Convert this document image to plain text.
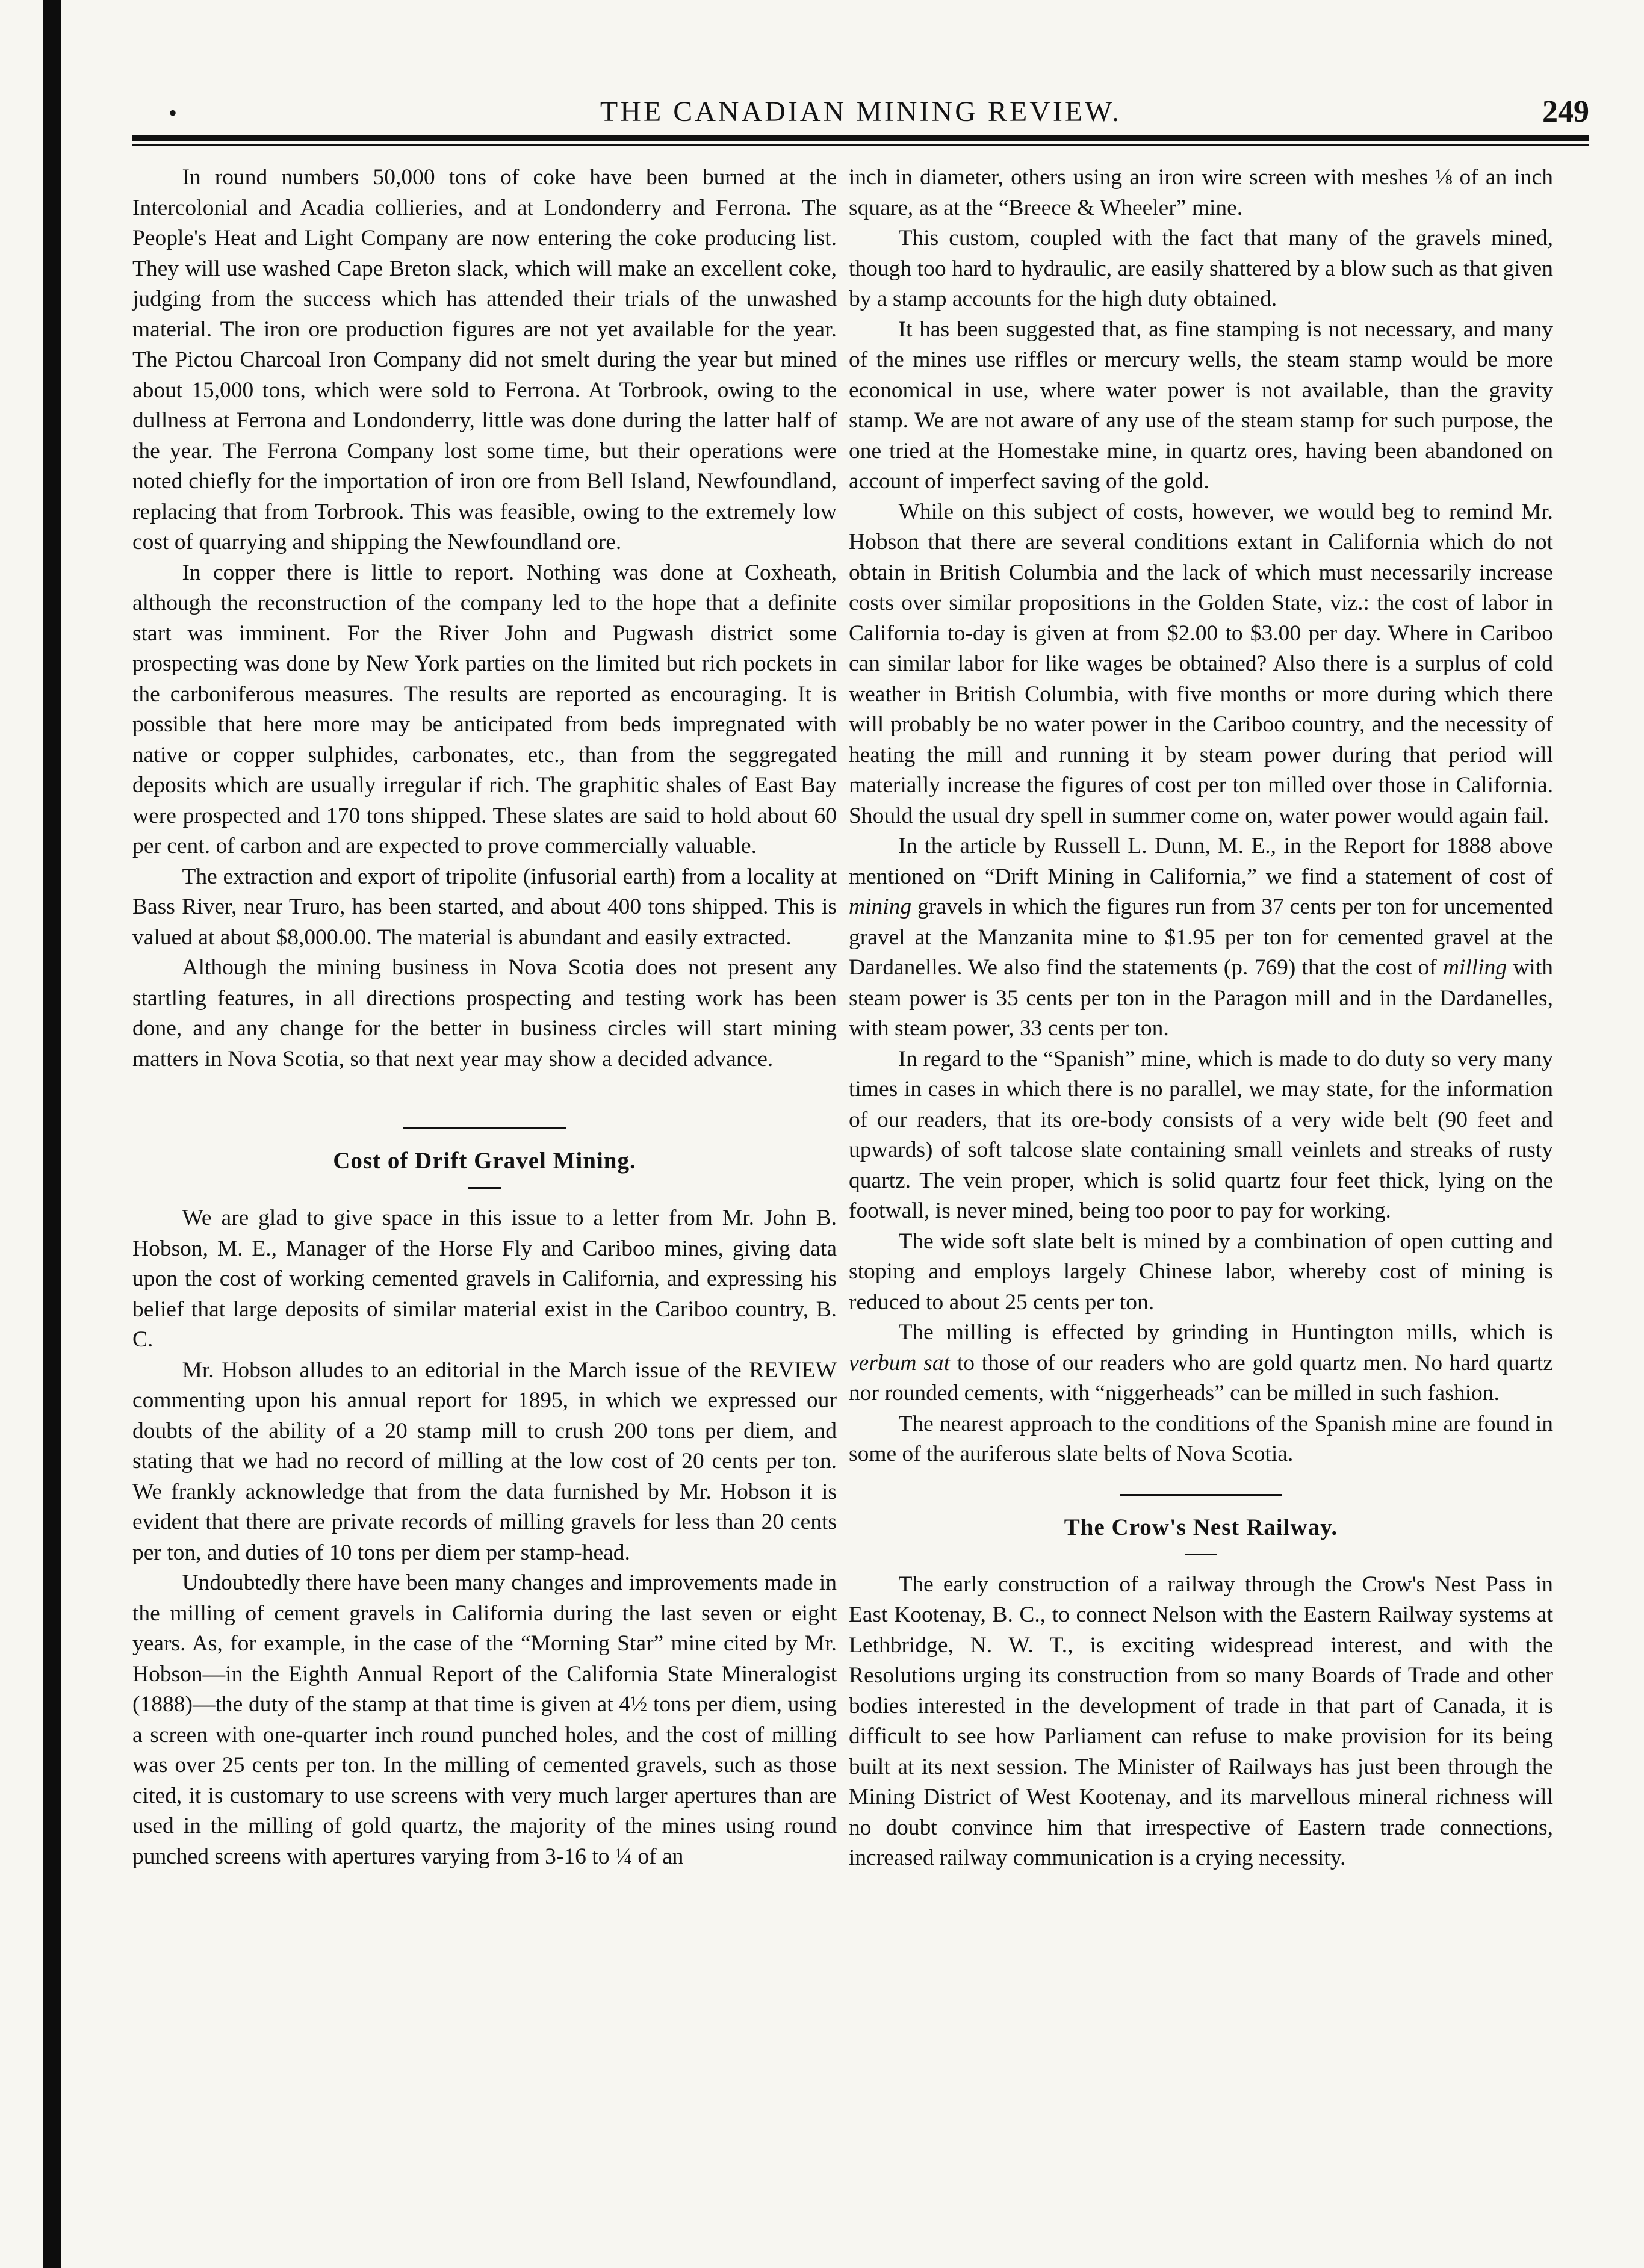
•	THE CANADIAN MINING REVIEW.	249

In round numbers 50,000 tons of coke have been burned at the Intercolonial and Acadia collieries, and at Londonderry and Ferrona. The People's Heat and Light Company are now entering the coke producing list. They will use washed Cape Breton slack, which will make an excellent coke, judging from the success which has attended their trials of the unwashed material. The iron ore production figures are not yet available for the year. The Pictou Charcoal Iron Company did not smelt during the year but mined about 15,000 tons, which were sold to Ferrona. At Torbrook, owing to the dullness at Ferrona and Londonderry, little was done during the latter half of the year. The Ferrona Company lost some time, but their operations were noted chiefly for the importation of iron ore from Bell Island, Newfoundland, replacing that from Torbrook. This was feasible, owing to the extremely low cost of quarrying and shipping the Newfoundland ore.

In copper there is little to report. Nothing was done at Coxheath, although the reconstruction of the company led to the hope that a definite start was imminent. For the River John and Pugwash district some prospecting was done by New York parties on the limited but rich pockets in the carboniferous measures. The results are reported as encouraging. It is possible that here more may be anticipated from beds impregnated with native or copper sulphides, carbonates, etc., than from the seggregated deposits which are usually irregular if rich. The graphitic shales of East Bay were prospected and 170 tons shipped. These slates are said to hold about 60 per cent. of carbon and are expected to prove commercially valuable.

The extraction and export of tripolite (infusorial earth) from a locality at Bass River, near Truro, has been started, and about 400 tons shipped. This is valued at about $8,000.00. The material is abundant and easily extracted.

Although the mining business in Nova Scotia does not present any startling features, in all directions prospecting and testing work has been done, and any change for the better in business circles will start mining matters in Nova Scotia, so that next year may show a decided advance.

Cost of Drift Gravel Mining.

We are glad to give space in this issue to a letter from Mr. John B. Hobson, M. E., Manager of the Horse Fly and Cariboo mines, giving data upon the cost of working cemented gravels in California, and expressing his belief that large deposits of similar material exist in the Cariboo country, B. C.

Mr. Hobson alludes to an editorial in the March issue of the REVIEW commenting upon his annual report for 1895, in which we expressed our doubts of the ability of a 20 stamp mill to crush 200 tons per diem, and stating that we had no record of milling at the low cost of 20 cents per ton. We frankly acknowledge that from the data furnished by Mr. Hobson it is evident that there are private records of milling gravels for less than 20 cents per ton, and duties of 10 tons per diem per stamp-head.

Undoubtedly there have been many changes and improvements made in the milling of cement gravels in California during the last seven or eight years. As, for example, in the case of the “Morning Star” mine cited by Mr. Hobson—in the Eighth Annual Report of the California State Mineralogist (1888)—the duty of the stamp at that time is given at 4½ tons per diem, using a screen with one-quarter inch round punched holes, and the cost of milling was over 25 cents per ton. In the milling of cemented gravels, such as those cited, it is customary to use screens with very much larger apertures than are used in the milling of gold quartz, the majority of the mines using round punched screens with apertures varying from 3-16 to ¼ of an

inch in diameter, others using an iron wire screen with meshes ⅛ of an inch square, as at the “Breece & Wheeler” mine.

This custom, coupled with the fact that many of the gravels mined, though too hard to hydraulic, are easily shattered by a blow such as that given by a stamp accounts for the high duty obtained.

It has been suggested that, as fine stamping is not necessary, and many of the mines use riffles or mercury wells, the steam stamp would be more economical in use, where water power is not available, than the gravity stamp. We are not aware of any use of the steam stamp for such purpose, the one tried at the Homestake mine, in quartz ores, having been abandoned on account of imperfect saving of the gold.

While on this subject of costs, however, we would beg to remind Mr. Hobson that there are several conditions extant in California which do not obtain in British Columbia and the lack of which must necessarily increase costs over similar propositions in the Golden State, viz.: the cost of labor in California to-day is given at from $2.00 to $3.00 per day. Where in Cariboo can similar labor for like wages be obtained? Also there is a surplus of cold weather in British Columbia, with five months or more during which there will probably be no water power in the Cariboo country, and the necessity of heating the mill and running it by steam power during that period will materially increase the figures of cost per ton milled over those in California. Should the usual dry spell in summer come on, water power would again fail.

In the article by Russell L. Dunn, M. E., in the Report for 1888 above mentioned on “Drift Mining in California,” we find a statement of cost of mining gravels in which the figures run from 37 cents per ton for uncemented gravel at the Manzanita mine to $1.95 per ton for cemented gravel at the Dardanelles. We also find the statements (p. 769) that the cost of milling with steam power is 35 cents per ton in the Paragon mill and in the Dardanelles, with steam power, 33 cents per ton.

In regard to the “Spanish” mine, which is made to do duty so very many times in cases in which there is no parallel, we may state, for the information of our readers, that its ore-body consists of a very wide belt (90 feet and upwards) of soft talcose slate containing small veinlets and streaks of rusty quartz. The vein proper, which is solid quartz four feet thick, lying on the footwall, is never mined, being too poor to pay for working.

The wide soft slate belt is mined by a combination of open cutting and stoping and employs largely Chinese labor, whereby cost of mining is reduced to about 25 cents per ton.

The milling is effected by grinding in Huntington mills, which is verbum sat to those of our readers who are gold quartz men. No hard quartz nor rounded cements, with “niggerheads” can be milled in such fashion.

The nearest approach to the conditions of the Spanish mine are found in some of the auriferous slate belts of Nova Scotia.

The Crow's Nest Railway.

The early construction of a railway through the Crow's Nest Pass in East Kootenay, B. C., to connect Nelson with the Eastern Railway systems at Lethbridge, N. W. T., is exciting widespread interest, and with the Resolutions urging its construction from so many Boards of Trade and other bodies interested in the development of trade in that part of Canada, it is difficult to see how Parliament can refuse to make provision for its being built at its next session. The Minister of Railways has just been through the Mining District of West Kootenay, and its marvellous mineral richness will no doubt convince him that irrespective of Eastern trade connections, increased railway communication is a crying necessity.
